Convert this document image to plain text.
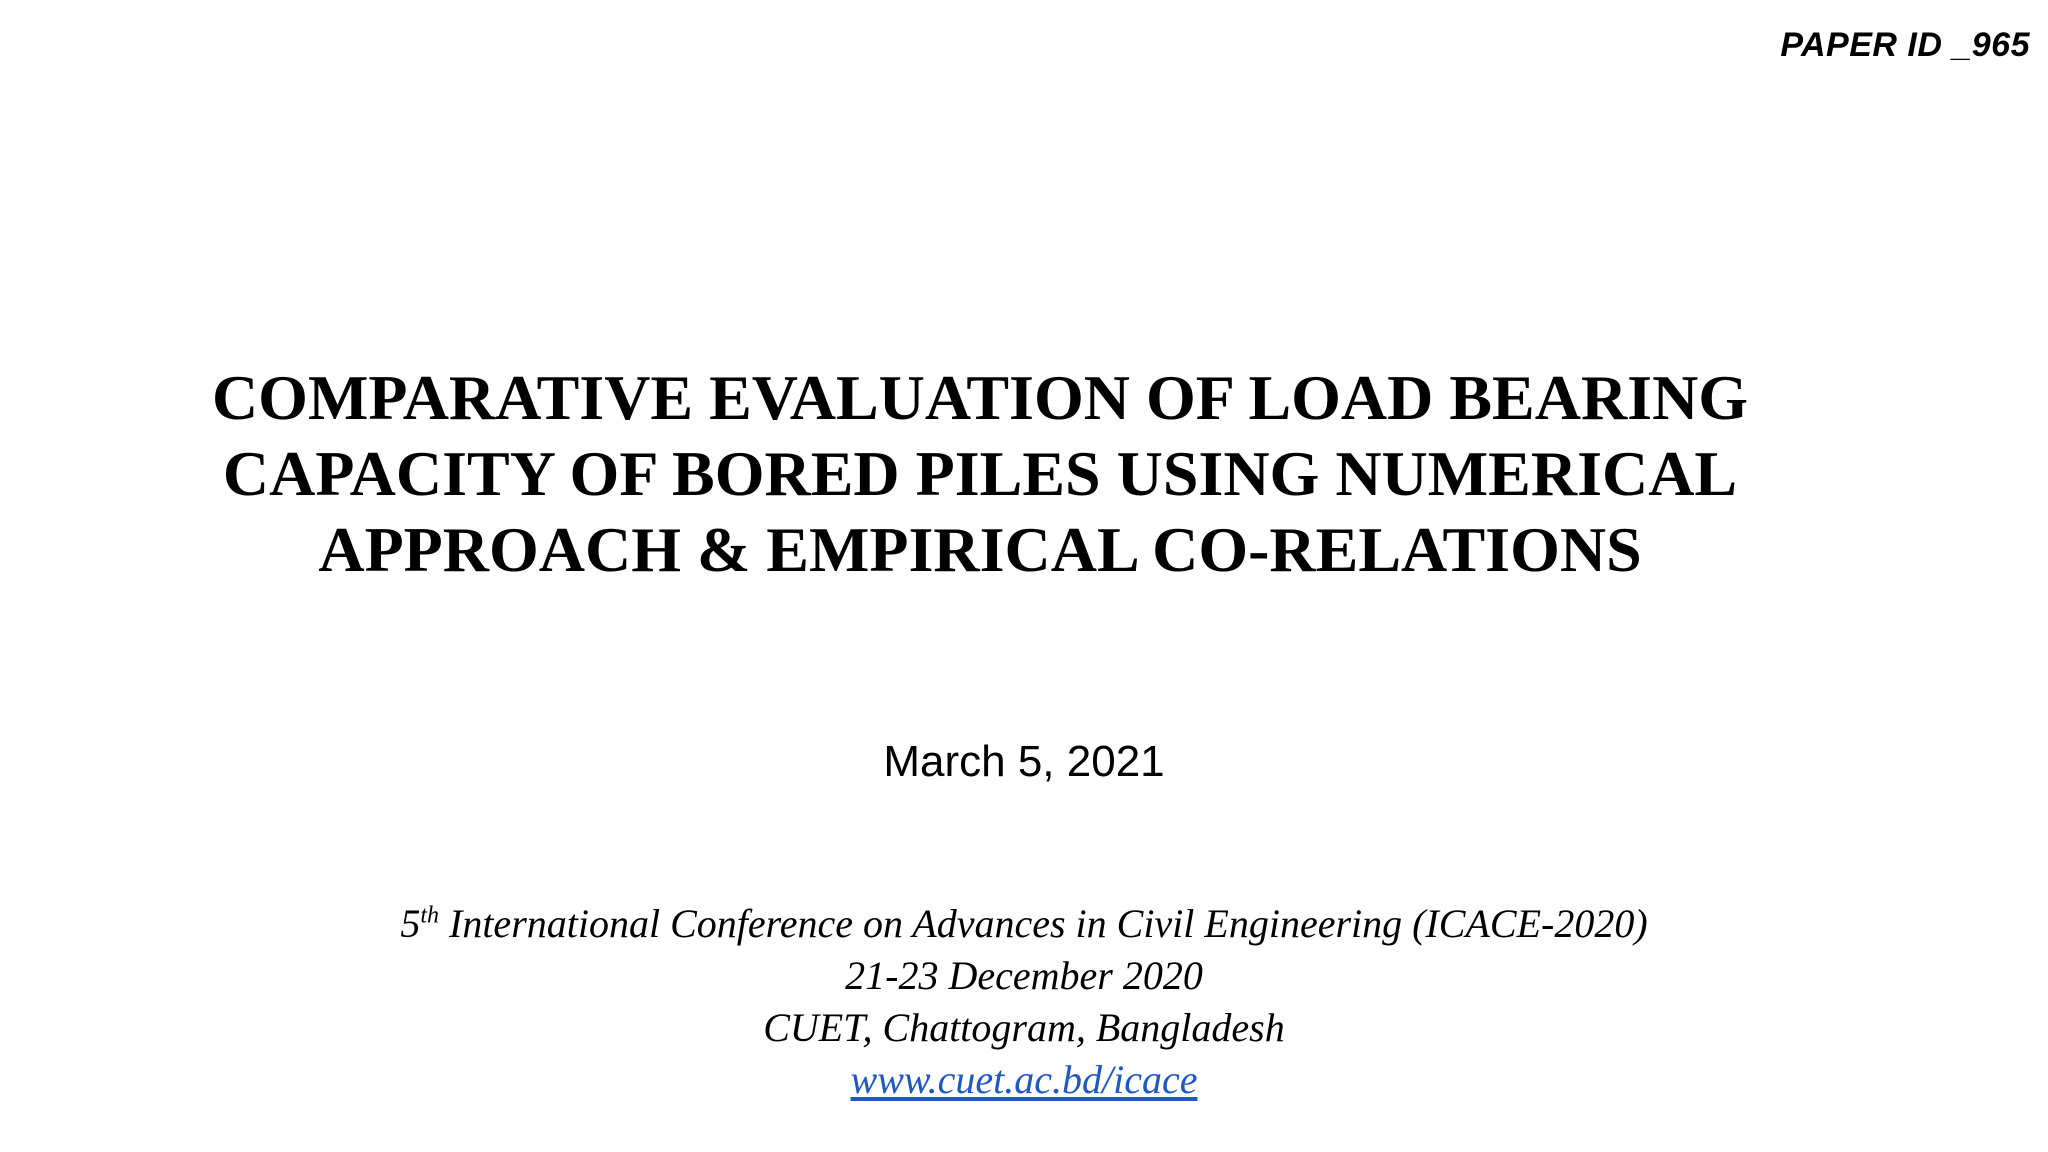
PAPER ID _965
COMPARATIVE EVALUATION OF LOAD BEARING
CAPACITY OF BORED PILES USING NUMERICAL
APPROACH & EMPIRICAL CO-RELATIONS
March 5, 2021
5th International Conference on Advances in Civil Engineering (ICACE-2020)
21-23 December 2020
CUET, Chattogram, Bangladesh
www.cuet.ac.bd/icace
